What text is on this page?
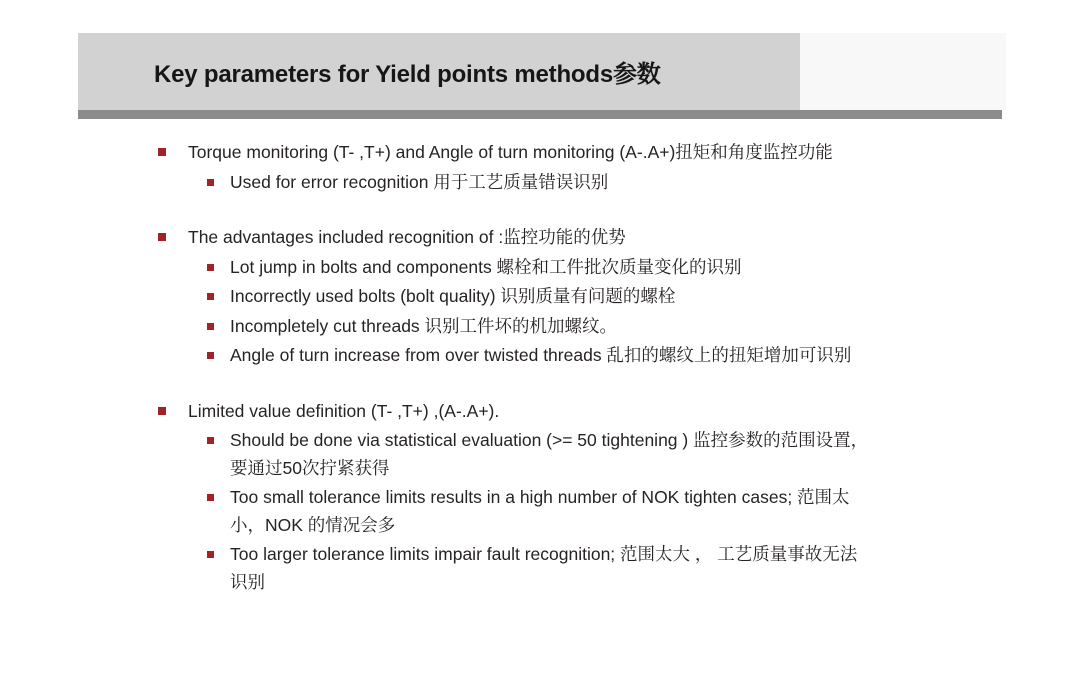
Key parameters for Yield points methods参数
Torque monitoring (T- ,T+) and Angle of turn monitoring (A-.A+)扭矩和角度监控功能
Used for error recognition 用于工艺质量错误识别
The advantages included recognition of :监控功能的优势
Lot jump in bolts and components 螺栓和工件批次质量变化的识别
Incorrectly used bolts (bolt quality) 识别质量有问题的螺栓
Incompletely cut threads 识别工件坏的机加螺纹。
Angle of turn increase from over twisted threads 乱扣的螺纹上的扭矩增加可识别
Limited value definition (T- ,T+) ,(A-.A+).
Should be done via statistical evaluation (>= 50 tightening ) 监控参数的范围设置，要通过50次拧紧获得
Too small tolerance limits results in a high number of NOK tighten cases; 范围太小，NOK 的情况会多
Too larger tolerance limits impair fault recognition; 范围太大 ， 工艺质量事故无法识别
